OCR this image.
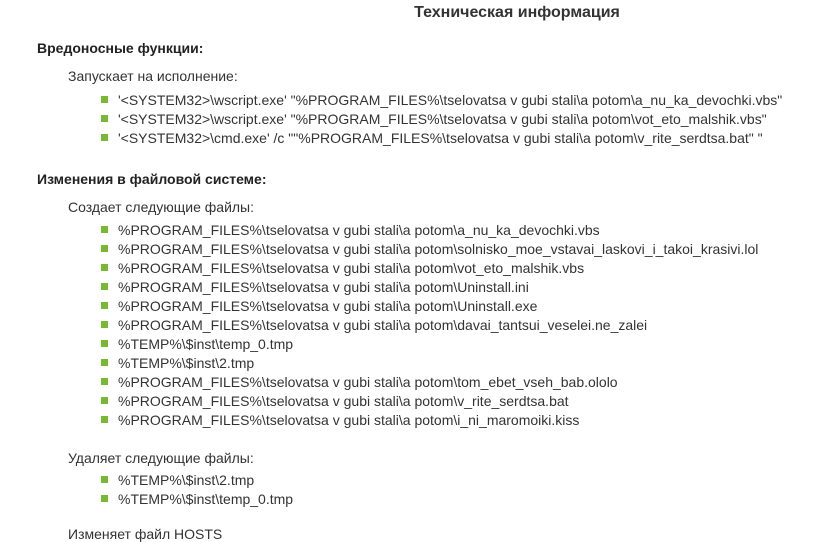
Техническая информация
Вредоносные функции:
Запускает на исполнение:
'<SYSTEM32>\wscript.exe' "%PROGRAM_FILES%\tselovatsa v gubi stali\a potom\a_nu_ka_devochki.vbs"
'<SYSTEM32>\wscript.exe' "%PROGRAM_FILES%\tselovatsa v gubi stali\a potom\vot_eto_malshik.vbs"
'<SYSTEM32>\cmd.exe' /c ""%PROGRAM_FILES%\tselovatsa v gubi stali\a potom\v_rite_serdtsa.bat" "
Изменения в файловой системе:
Создает следующие файлы:
%PROGRAM_FILES%\tselovatsa v gubi stali\a potom\a_nu_ka_devochki.vbs
%PROGRAM_FILES%\tselovatsa v gubi stali\a potom\solnisko_moe_vstavai_laskovi_i_takoi_krasivi.lol
%PROGRAM_FILES%\tselovatsa v gubi stali\a potom\vot_eto_malshik.vbs
%PROGRAM_FILES%\tselovatsa v gubi stali\a potom\Uninstall.ini
%PROGRAM_FILES%\tselovatsa v gubi stali\a potom\Uninstall.exe
%PROGRAM_FILES%\tselovatsa v gubi stali\a potom\davai_tantsui_veselei.ne_zalei
%TEMP%\$inst\temp_0.tmp
%TEMP%\$inst\2.tmp
%PROGRAM_FILES%\tselovatsa v gubi stali\a potom\tom_ebet_vseh_bab.ololo
%PROGRAM_FILES%\tselovatsa v gubi stali\a potom\v_rite_serdtsa.bat
%PROGRAM_FILES%\tselovatsa v gubi stali\a potom\i_ni_maromoiki.kiss
Удаляет следующие файлы:
%TEMP%\$inst\2.tmp
%TEMP%\$inst\temp_0.tmp
Изменяет файл HOSTS
